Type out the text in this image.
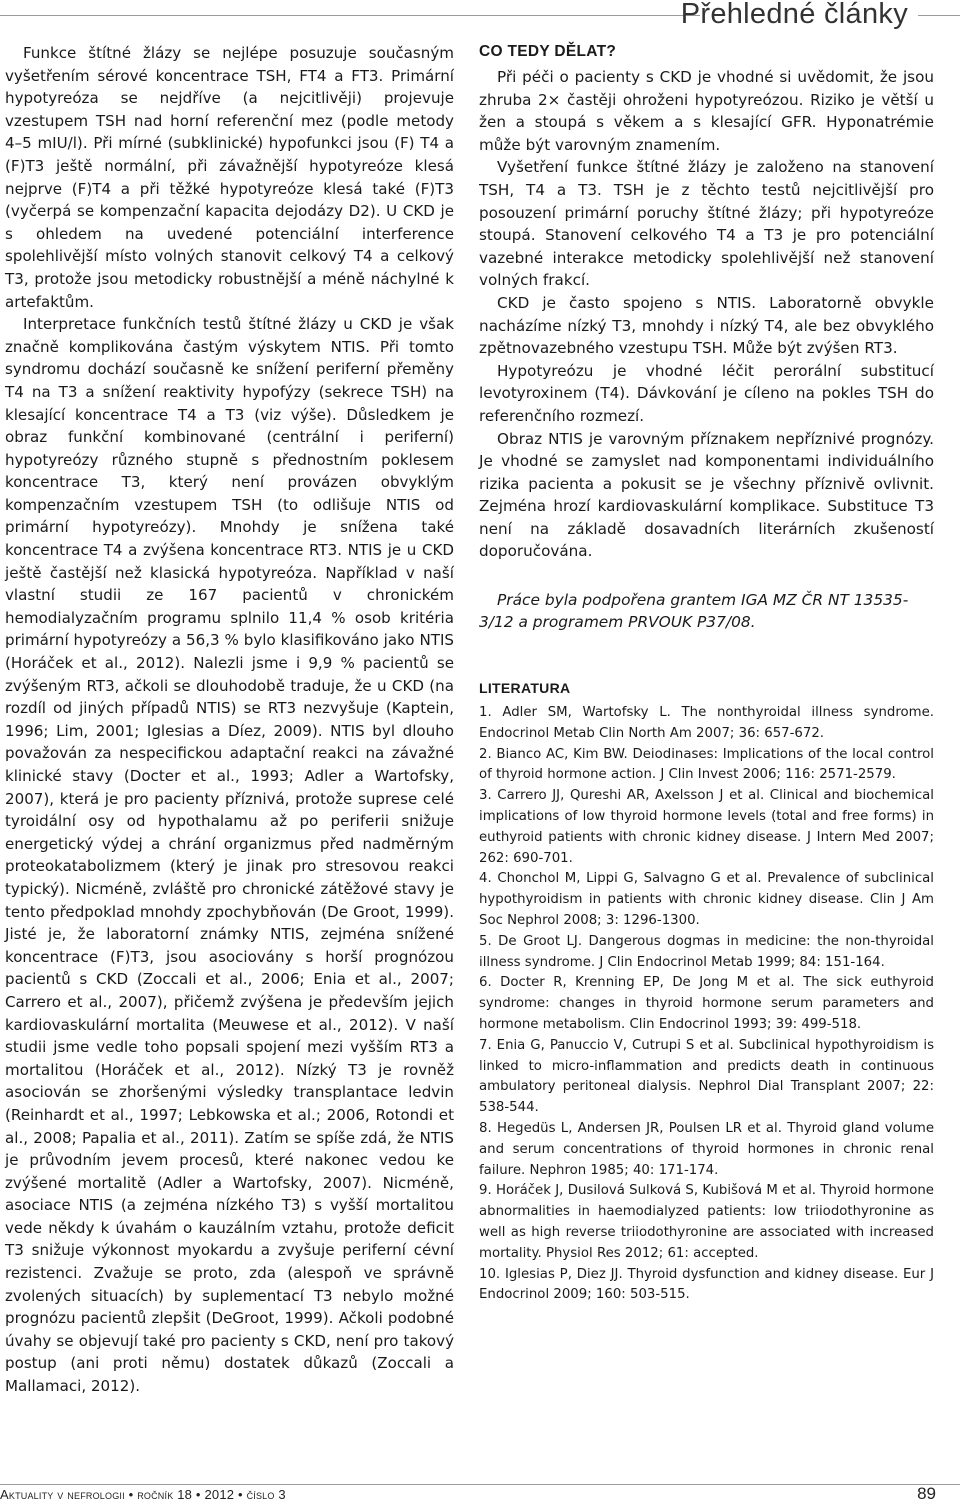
Přehledné články

Funkce štítné žlázy se nejlépe posuzuje současným vyšetřením sérové koncentrace TSH, FT4 a FT3. Primární hypotyreóza se nejdříve (a nejcitlivěji) projevuje vzestupem TSH nad horní referenční mez (podle metody 4–5 mIU/l). Při mírné (subklinické) hypofunkci jsou (F) T4 a (F)T3 ještě normální, při závažnější hypotyreóze klesá nejprve (F)T4 a při těžké hypotyreóze klesá také (F)T3 (vyčerpá se kompenzační kapacita dejodázy D2). U CKD je s ohledem na uvedené potenciální interference spolehlivější místo volných stanovit celkový T4 a celkový T3, protože jsou metodicky robustnější a méně náchylné k artefaktům.

Interpretace funkčních testů štítné žlázy u CKD je však značně komplikována častým výskytem NTIS. Při tomto syndromu dochází současně ke snížení periferní přeměny T4 na T3 a snížení reaktivity hypofýzy (sekrece TSH) na klesající koncentrace T4 a T3 (viz výše). Důsledkem je obraz funkční kombinované (centrální i periferní) hypotyreózy různého stupně s přednostním poklesem koncentrace T3, který není provázen obvyklým kompenzačním vzestupem TSH (to odlišuje NTIS od primární hypotyreózy). Mnohdy je snížena také koncentrace T4 a zvýšena koncentrace RT3. NTIS je u CKD ještě častější než klasická hypotyreóza. Například v naší vlastní studii ze 167 pacientů v chronickém hemodialyzačním programu splnilo 11,4 % osob kritéria primární hypotyreózy a 56,3 % bylo klasifikováno jako NTIS (Horáček et al., 2012). Nalezli jsme i 9,9 % pacientů se zvýšeným RT3, ačkoli se dlouhodobě traduje, že u CKD (na rozdíl od jiných případů NTIS) se RT3 nezvyšuje (Kaptein, 1996; Lim, 2001; Iglesias a Díez, 2009). NTIS byl dlouho považován za nespecifickou adaptační reakci na závažné klinické stavy (Docter et al., 1993; Adler a Wartofsky, 2007), která je pro pacienty příznivá, protože suprese celé tyroidální osy od hypothalamu až po periferii snižuje energetický výdej a chrání organizmus před nadměrným proteokatabolizmem (který je jinak pro stresovou reakci typický). Nicméně, zvláště pro chronické zátěžové stavy je tento předpoklad mnohdy zpochybňován (De Groot, 1999). Jisté je, že laboratorní známky NTIS, zejména snížené koncentrace (F)T3, jsou asociovány s horší prognózou pacientů s CKD (Zoccali et al., 2006; Enia et al., 2007; Carrero et al., 2007), přičemž zvýšena je především jejich kardiovaskulární mortalita (Meuwese et al., 2012). V naší studii jsme vedle toho popsali spojení mezi vyšším RT3 a mortalitou (Horáček et al., 2012). Nízký T3 je rovněž asociován se zhoršenými výsledky transplantace ledvin (Reinhardt et al., 1997; Lebkowska et al.; 2006, Rotondi et al., 2008; Papalia et al., 2011). Zatím se spíše zdá, že NTIS je průvodním jevem procesů, které nakonec vedou ke zvýšené mortalitě (Adler a Wartofsky, 2007). Nicméně, asociace NTIS (a zejména nízkého T3) s vyšší mortalitou vede někdy k úvahám o kauzálním vztahu, protože deficit T3 snižuje výkonnost myokardu a zvyšuje periferní cévní rezistenci. Zvažuje se proto, zda (alespoň ve správně zvolených situacích) by suplementací T3 nebylo možné prognózu pacientů zlepšit (DeGroot, 1999). Ačkoli podobné úvahy se objevují také pro pacienty s CKD, není pro takový postup (ani proti němu) dostatek důkazů (Zoccali a Mallamaci, 2012).

CO TEDY DĚLAT?

Při péči o pacienty s CKD je vhodné si uvědomit, že jsou zhruba 2× častěji ohroženi hypotyreózou. Riziko je větší u žen a stoupá s věkem a s klesající GFR. Hyponatrémie může být varovným znamením.

Vyšetření funkce štítné žlázy je založeno na stanovení TSH, T4 a T3. TSH je z těchto testů nejcitlivější pro posouzení primární poruchy štítné žlázy; při hypotyreóze stoupá. Stanovení celkového T4 a T3 je pro potenciální vazebné interakce metodicky spolehlivější než stanovení volných frakcí.

CKD je často spojeno s NTIS. Laboratorně obvykle nacházíme nízký T3, mnohdy i nízký T4, ale bez obvyklého zpětnovazebného vzestupu TSH. Může být zvýšen RT3.

Hypotyreózu je vhodné léčit perorální substitucí levotyroxinem (T4). Dávkování je cíleno na pokles TSH do referenčního rozmezí.

Obraz NTIS je varovným příznakem nepříznivé prognózy. Je vhodné se zamyslet nad komponentami individuálního rizika pacienta a pokusit se je všechny příznivě ovlivnit. Zejména hrozí kardiovaskulární komplikace. Substituce T3 není na základě dosavadních literárních zkušeností doporučována.

Práce byla podpořena grantem IGA MZ ČR NT 13535-3/12 a programem PRVOUK P37/08.

LITERATURA
1. Adler SM, Wartofsky L. The nonthyroidal illness syndrome. Endocrinol Metab Clin North Am 2007; 36: 657-672.
2. Bianco AC, Kim BW. Deiodinases: Implications of the local control of thyroid hormone action. J Clin Invest 2006; 116: 2571-2579.
3. Carrero JJ, Qureshi AR, Axelsson J et al. Clinical and biochemical implications of low thyroid hormone levels (total and free forms) in euthyroid patients with chronic kidney disease. J Intern Med 2007; 262: 690-701.
4. Chonchol M, Lippi G, Salvagno G et al. Prevalence of subclinical hypothyroidism in patients with chronic kidney disease. Clin J Am Soc Nephrol 2008; 3: 1296-1300.
5. De Groot LJ. Dangerous dogmas in medicine: the non-thyroidal illness syndrome. J Clin Endocrinol Metab 1999; 84: 151-164.
6. Docter R, Krenning EP, De Jong M et al. The sick euthyroid syndrome: changes in thyroid hormone serum parameters and hormone metabolism. Clin Endocrinol 1993; 39: 499-518.
7. Enia G, Panuccio V, Cutrupi S et al. Subclinical hypothyroidism is linked to micro-inflammation and predicts death in continuous ambulatory peritoneal dialysis. Nephrol Dial Transplant 2007; 22: 538-544.
8. Hegedüs L, Andersen JR, Poulsen LR et al. Thyroid gland volume and serum concentrations of thyroid hormones in chronic renal failure. Nephron 1985; 40: 171-174.
9. Horáček J, Dusilová Sulková S, Kubišová M et al. Thyroid hormone abnormalities in haemodialyzed patients: low triiodothyronine as well as high reverse triiodothyronine are associated with increased mortality. Physiol Res 2012; 61: accepted.
10. Iglesias P, Diez JJ. Thyroid dysfunction and kidney disease. Eur J Endocrinol 2009; 160: 503-515.
Aktuality v nefrologii • ročník 18 • 2012 • číslo 3	89
